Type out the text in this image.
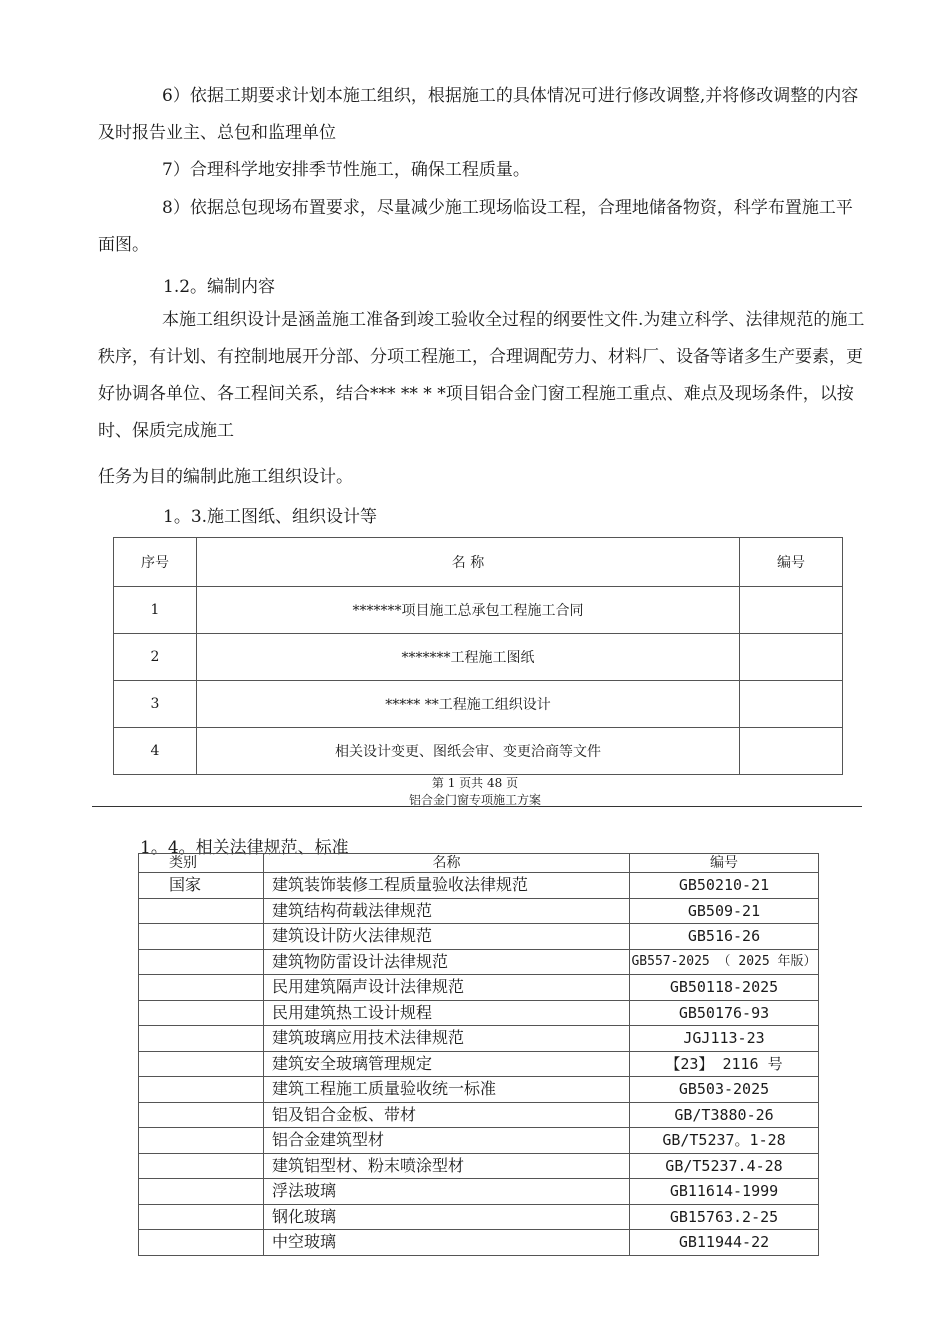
6）依据工期要求计划本施工组织，根据施工的具体情况可进行修改调整,并将修改调整的内容及时报告业主、总包和监理单位
7）合理科学地安排季节性施工，确保工程质量。
8）依据总包现场布置要求，尽量减少施工现场临设工程，合理地储备物资，科学布置施工平面图。
1.2。编制内容
本施工组织设计是涵盖施工准备到竣工验收全过程的纲要性文件.为建立科学、法律规范的施工秩序，有计划、有控制地展开分部、分项工程施工，合理调配劳力、材料厂、设备等诸多生产要素，更好协调各单位、各工程间关系，结合*** ** * *项目铝合金门窗工程施工重点、难点及现场条件，以按时、保质完成施工
任务为目的编制此施工组织设计。
1。3.施工图纸、组织设计等
序号	名 称	编号
1	*******项目施工总承包工程施工合同	
2	*******工程施工图纸	
3	***** **工程施工组织设计	
4	相关设计变更、图纸会审、变更洽商等文件	
第 1 页共 48 页
铝合金门窗专项施工方案
1。4。相关法律规范、标准
类别	名称	编号
国家	建筑装饰装修工程质量验收法律规范	GB50210-21
	建筑结构荷载法律规范	GB509-21
	建筑设计防火法律规范	GB516-26
	建筑物防雷设计法律规范	GB557-2025 （ 2025 年版）
	民用建筑隔声设计法律规范	GB50118-2025
	民用建筑热工设计规程	GB50176-93
	建筑玻璃应用技术法律规范	JGJ113-23
	建筑安全玻璃管理规定	【23】 2116 号
	建筑工程施工质量验收统一标准	GB503-2025
	铝及铝合金板、带材	GB/T3880-26
	铝合金建筑型材	GB/T5237。1-28
	建筑铝型材、粉末喷涂型材	GB/T5237.4-28
	浮法玻璃	GB11614-1999
	钢化玻璃	GB15763.2-25
	中空玻璃	GB11944-22
